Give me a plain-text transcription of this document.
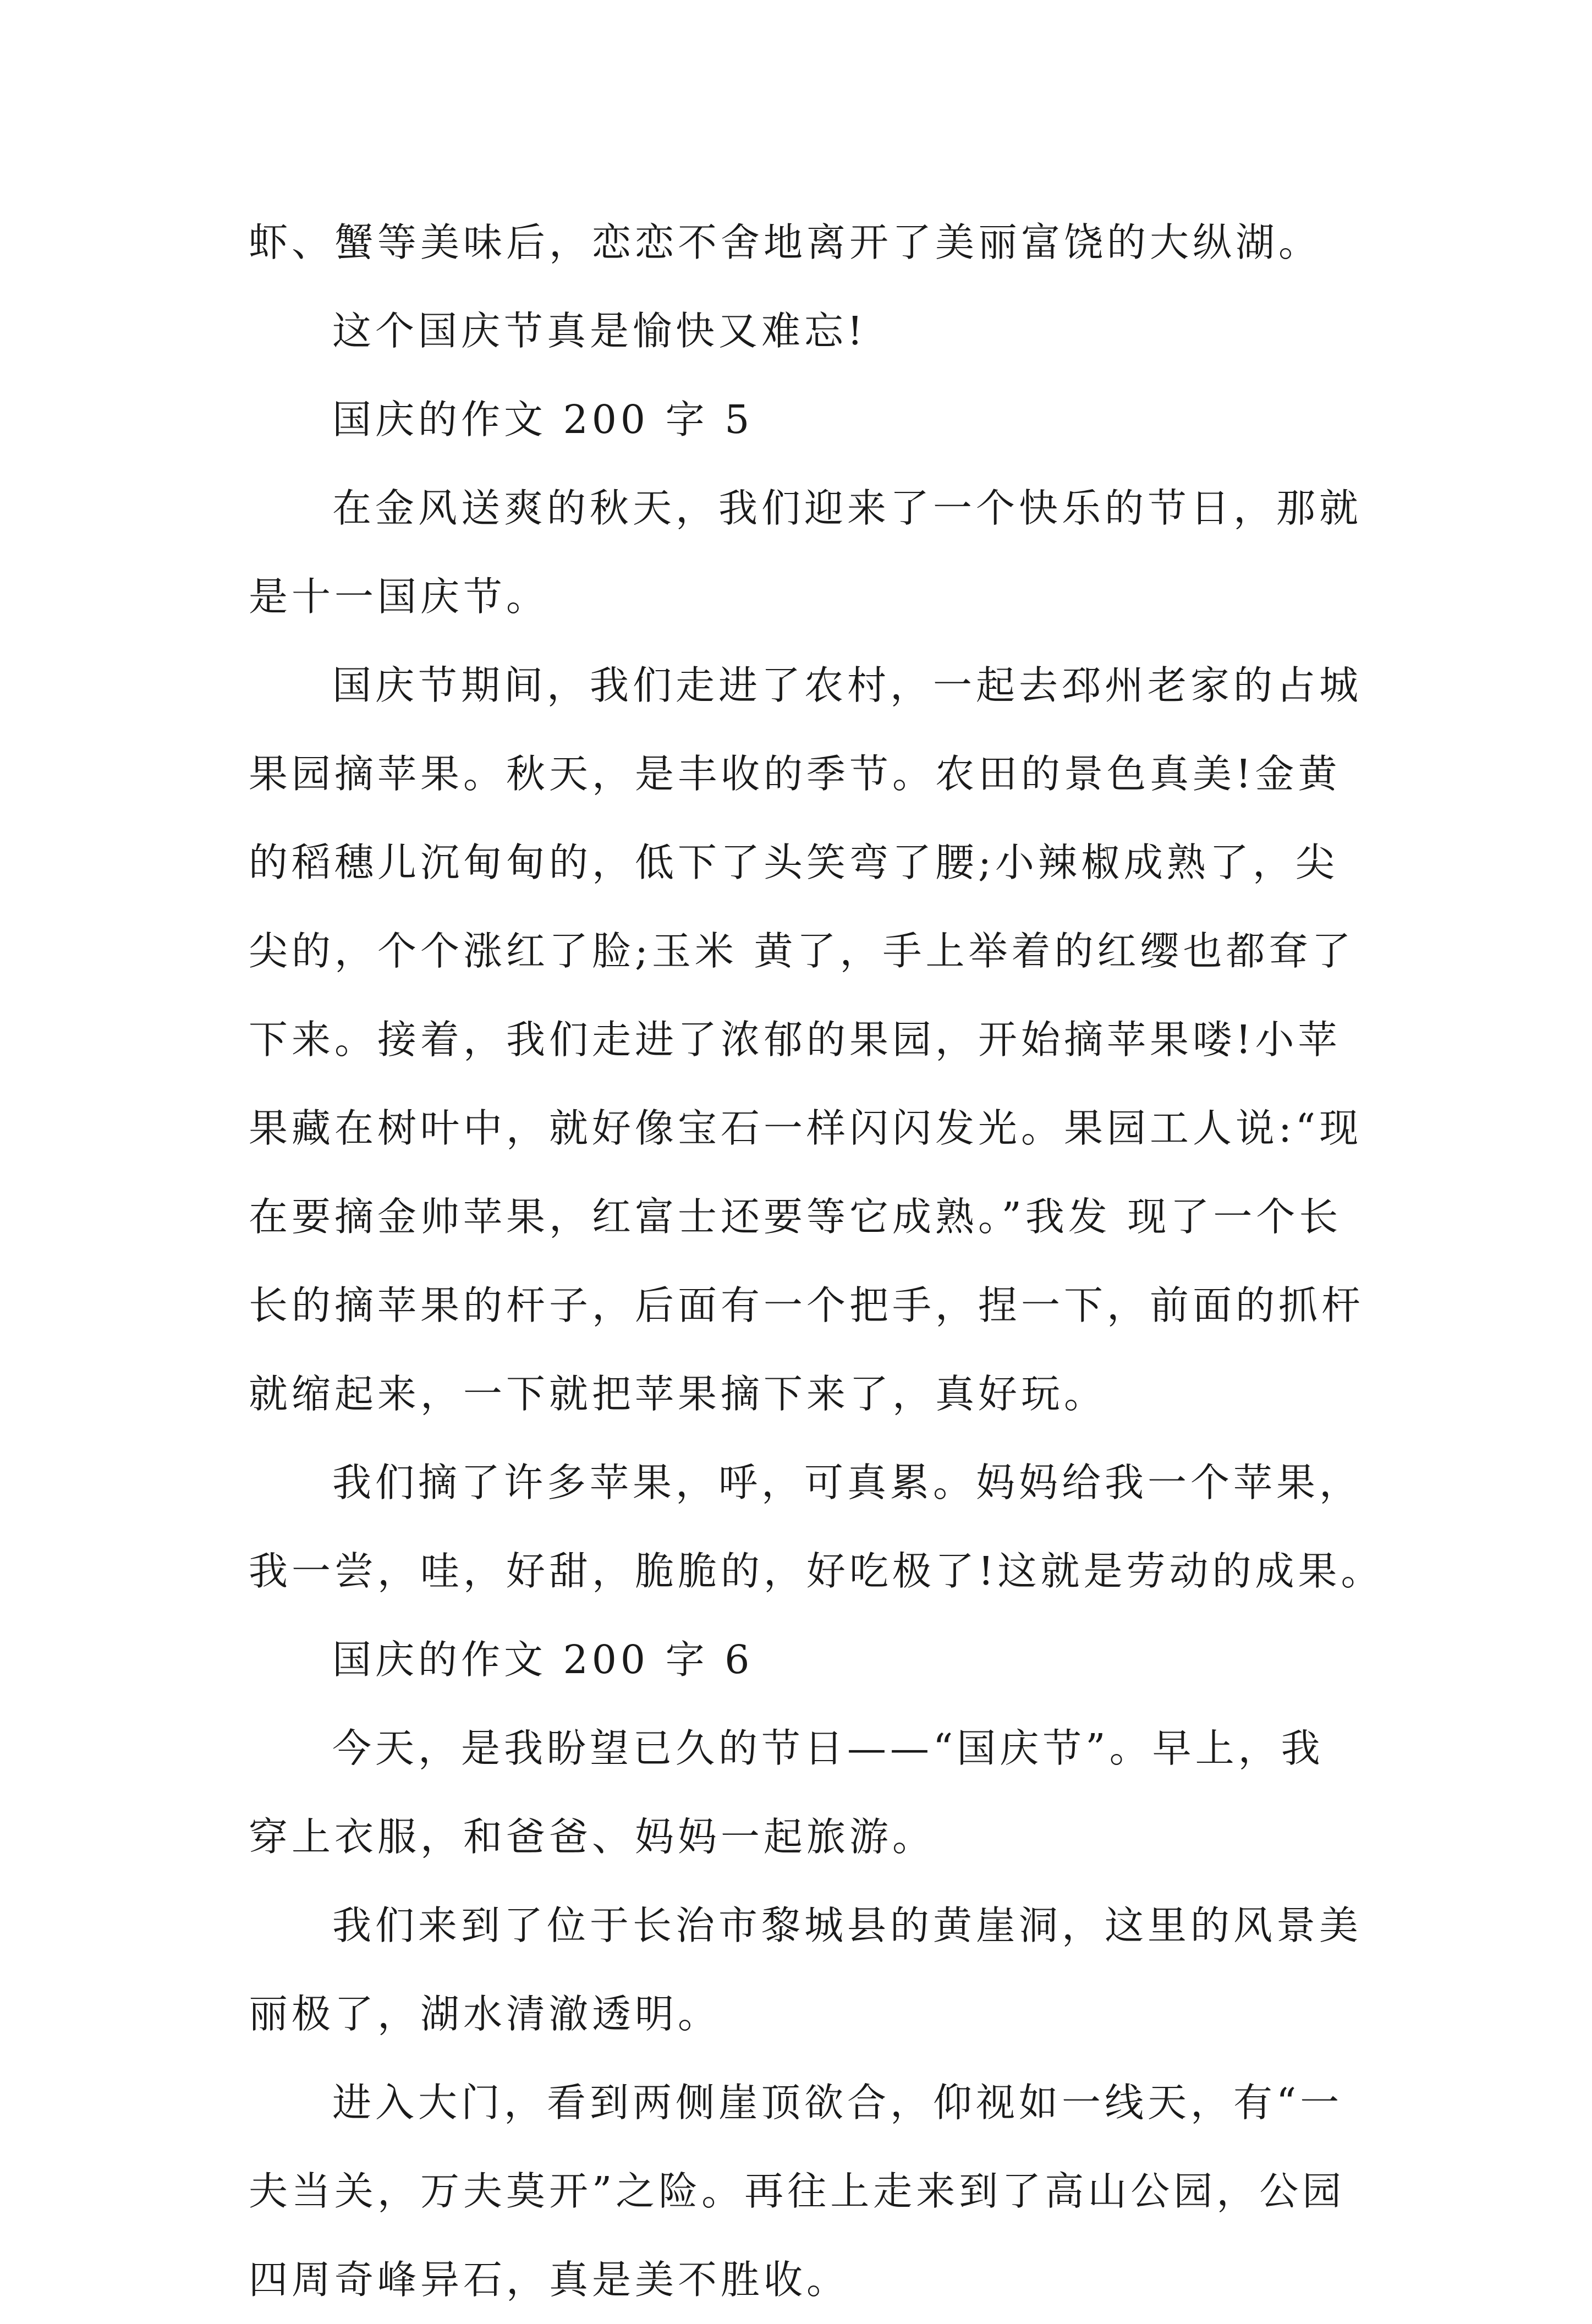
虾、蟹等美味后，恋恋不舍地离开了美丽富饶的大纵湖。
这个国庆节真是愉快又难忘!
国庆的作文 200 字 5
在金风送爽的秋天，我们迎来了一个快乐的节日，那就
是十一国庆节。
国庆节期间，我们走进了农村，一起去邳州老家的占城
果园摘苹果。秋天，是丰收的季节。农田的景色真美!金黄
的稻穗儿沉甸甸的，低下了头笑弯了腰;小辣椒成熟了，尖
尖的，个个涨红了脸;玉米 黄了，手上举着的红缨也都耷了
下来。接着，我们走进了浓郁的果园，开始摘苹果喽!小苹
果藏在树叶中，就好像宝石一样闪闪发光。果园工人说:“现
在要摘金帅苹果，红富士还要等它成熟。”我发 现了一个长
长的摘苹果的杆子，后面有一个把手，捏一下，前面的抓杆
就缩起来，一下就把苹果摘下来了，真好玩。
我们摘了许多苹果，呼，可真累。妈妈给我一个苹果，
我一尝，哇，好甜，脆脆的，好吃极了!这就是劳动的成果。
国庆的作文 200 字 6
今天，是我盼望已久的节日——“国庆节”。早上，我
穿上衣服，和爸爸、妈妈一起旅游。
我们来到了位于长治市黎城县的黄崖洞，这里的风景美
丽极了，湖水清澈透明。
进入大门，看到两侧崖顶欲合，仰视如一线天，有“一
夫当关，万夫莫开”之险。再往上走来到了高山公园，公园
四周奇峰异石，真是美不胜收。
